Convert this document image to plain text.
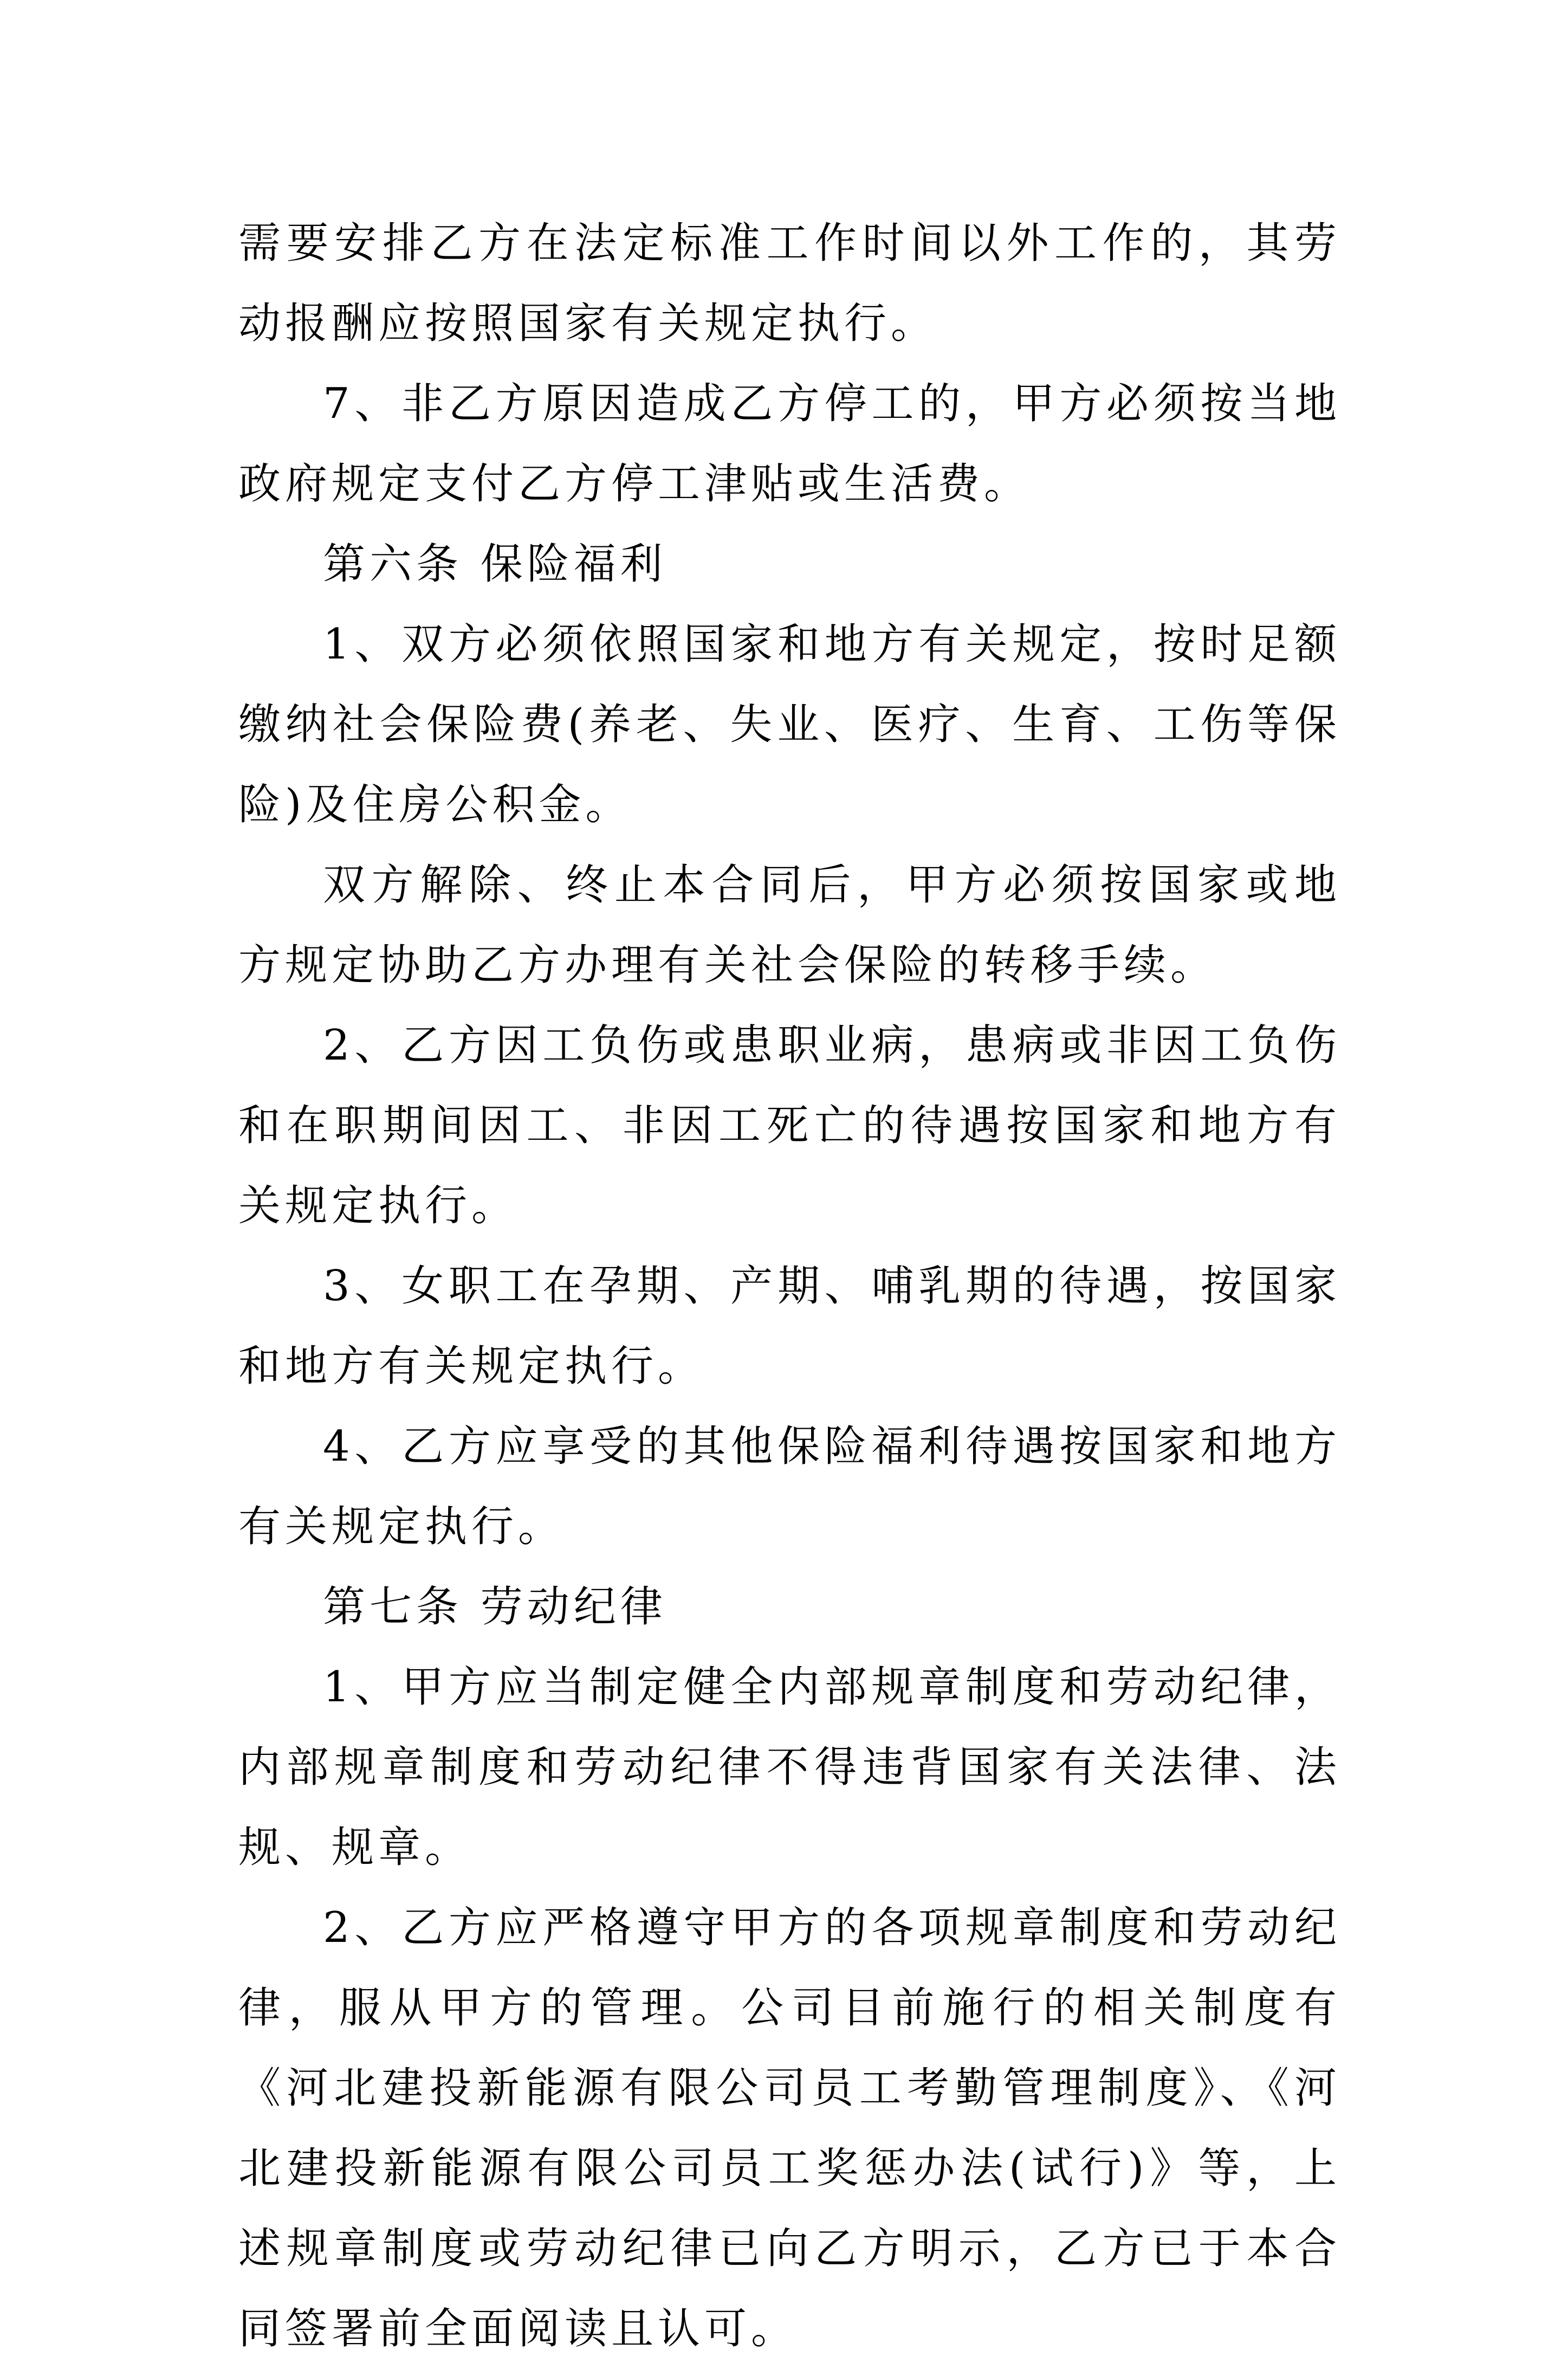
需要安排乙方在法定标准工作时间以外工作的，其劳动报酬应按照国家有关规定执行。

7、非乙方原因造成乙方停工的，甲方必须按当地政府规定支付乙方停工津贴或生活费。

第六条 保险福利

1、双方必须依照国家和地方有关规定，按时足额缴纳社会保险费(养老、失业、医疗、生育、工伤等保险)及住房公积金。

双方解除、终止本合同后，甲方必须按国家或地方规定协助乙方办理有关社会保险的转移手续。

2、乙方因工负伤或患职业病，患病或非因工负伤和在职期间因工、非因工死亡的待遇按国家和地方有关规定执行。

3、女职工在孕期、产期、哺乳期的待遇，按国家和地方有关规定执行。

4、乙方应享受的其他保险福利待遇按国家和地方有关规定执行。

第七条 劳动纪律

1、甲方应当制定健全内部规章制度和劳动纪律，内部规章制度和劳动纪律不得违背国家有关法律、法规、规章。

2、乙方应严格遵守甲方的各项规章制度和劳动纪律，服从甲方的管理。公司目前施行的相关制度有《河北建投新能源有限公司员工考勤管理制度》、《河北建投新能源有限公司员工奖惩办法(试行)》等，上述规章制度或劳动纪律已向乙方明示，乙方已于本合同签署前全面阅读且认可。
